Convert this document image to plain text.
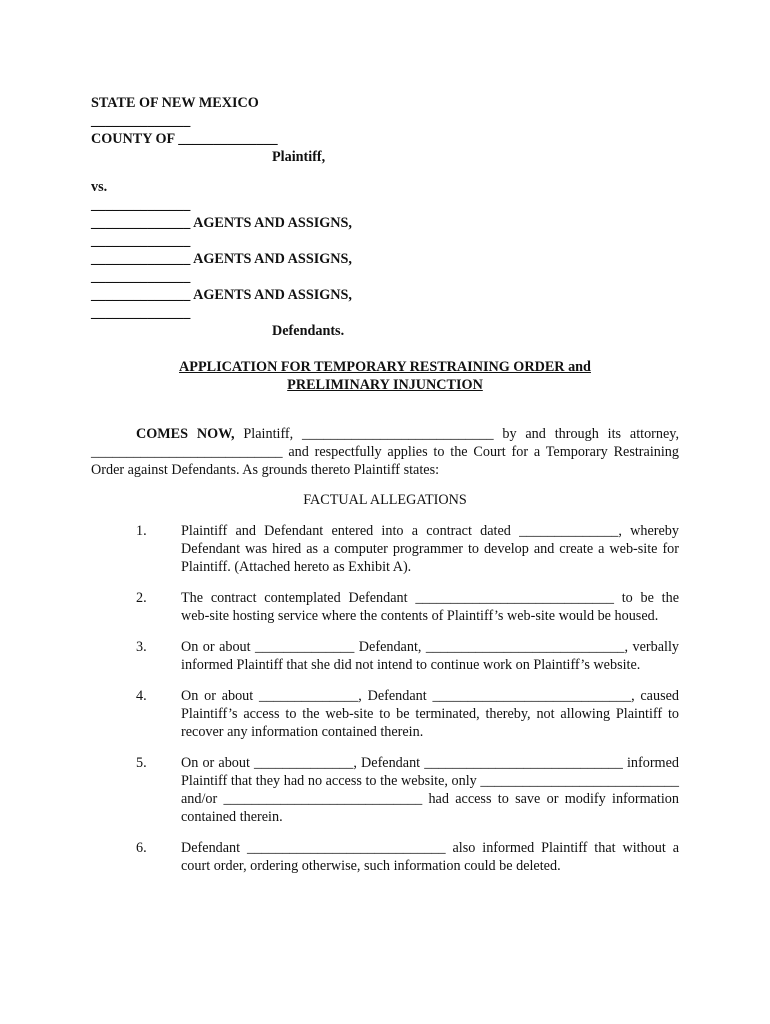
STATE OF NEW MEXICO
______________
COUNTY OF ______________
Plaintiff,
vs.
______________
______________ AGENTS AND ASSIGNS,
______________
______________ AGENTS AND ASSIGNS,
______________
______________ AGENTS AND ASSIGNS,
______________
Defendants.
APPLICATION FOR TEMPORARY RESTRAINING ORDER and
PRELIMINARY INJUNCTION

COMES NOW, Plaintiff, ___________________________ by and through its attorney, ___________________________ and respectfully applies to the Court for a Temporary Restraining Order against Defendants. As grounds thereto Plaintiff states:

FACTUAL ALLEGATIONS
1. Plaintiff and Defendant entered into a contract dated ______________, whereby Defendant was hired as a computer programmer to develop and create a web-site for Plaintiff. (Attached hereto as Exhibit A).
2. The contract contemplated Defendant ____________________________ to be the web-site hosting service where the contents of Plaintiff’s web-site would be housed.
3. On or about ______________ Defendant, ____________________________, verbally informed Plaintiff that she did not intend to continue work on Plaintiff’s website.
4. On or about ______________, Defendant ____________________________, caused Plaintiff’s access to the web-site to be terminated, thereby, not allowing Plaintiff to recover any information contained therein.
5. On or about ______________, Defendant ____________________________ informed Plaintiff that they had no access to the website, only ____________________________ and/or ____________________________ had access to save or modify information contained therein.
6. Defendant ____________________________ also informed Plaintiff that without a court order, ordering otherwise, such information could be deleted.
